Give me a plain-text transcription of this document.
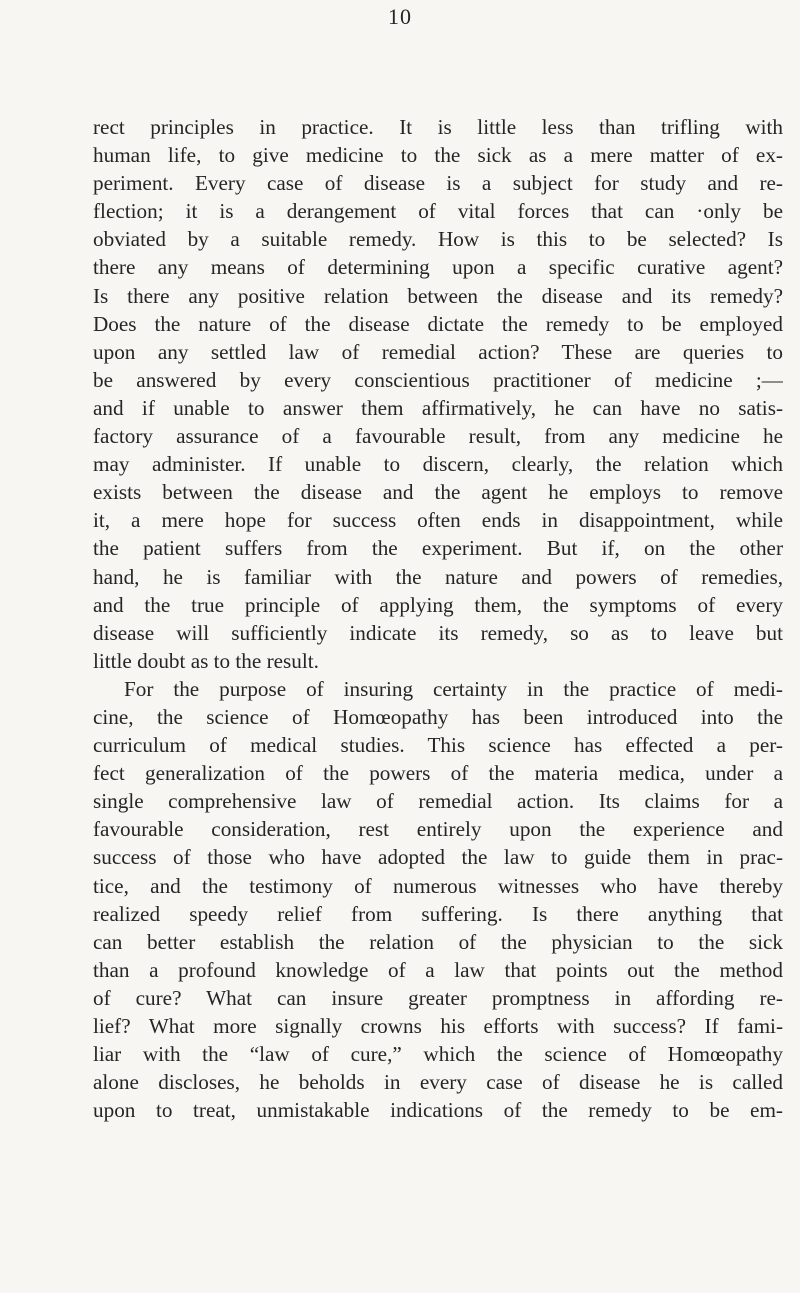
10
rect principles in practice. It is little less than trifling with
human life, to give medicine to the sick as a mere matter of ex-
periment. Every case of disease is a subject for study and re-
flection; it is a derangement of vital forces that can ·only be
obviated by a suitable remedy. How is this to be selected? Is
there any means of determining upon a specific curative agent?
Is there any positive relation between the disease and its remedy?
Does the nature of the disease dictate the remedy to be employed
upon any settled law of remedial action? These are queries to
be answered by every conscientious practitioner of medicine ;—
and if unable to answer them affirmatively, he can have no satis-
factory assurance of a favourable result, from any medicine he
may administer. If unable to discern, clearly, the relation which
exists between the disease and the agent he employs to remove
it, a mere hope for success often ends in disappointment, while
the patient suffers from the experiment. But if, on the other
hand, he is familiar with the nature and powers of remedies,
and the true principle of applying them, the symptoms of every
disease will sufficiently indicate its remedy, so as to leave but
little doubt as to the result.
For the purpose of insuring certainty in the practice of medi-
cine, the science of Homœopathy has been introduced into the
curriculum of medical studies. This science has effected a per-
fect generalization of the powers of the materia medica, under a
single comprehensive law of remedial action. Its claims for a
favourable consideration, rest entirely upon the experience and
success of those who have adopted the law to guide them in prac-
tice, and the testimony of numerous witnesses who have thereby
realized speedy relief from suffering. Is there anything that
can better establish the relation of the physician to the sick
than a profound knowledge of a law that points out the method
of cure? What can insure greater promptness in affording re-
lief? What more signally crowns his efforts with success? If fami-
liar with the “law of cure,” which the science of Homœopathy
alone discloses, he beholds in every case of disease he is called
upon to treat, unmistakable indications of the remedy to be em-
